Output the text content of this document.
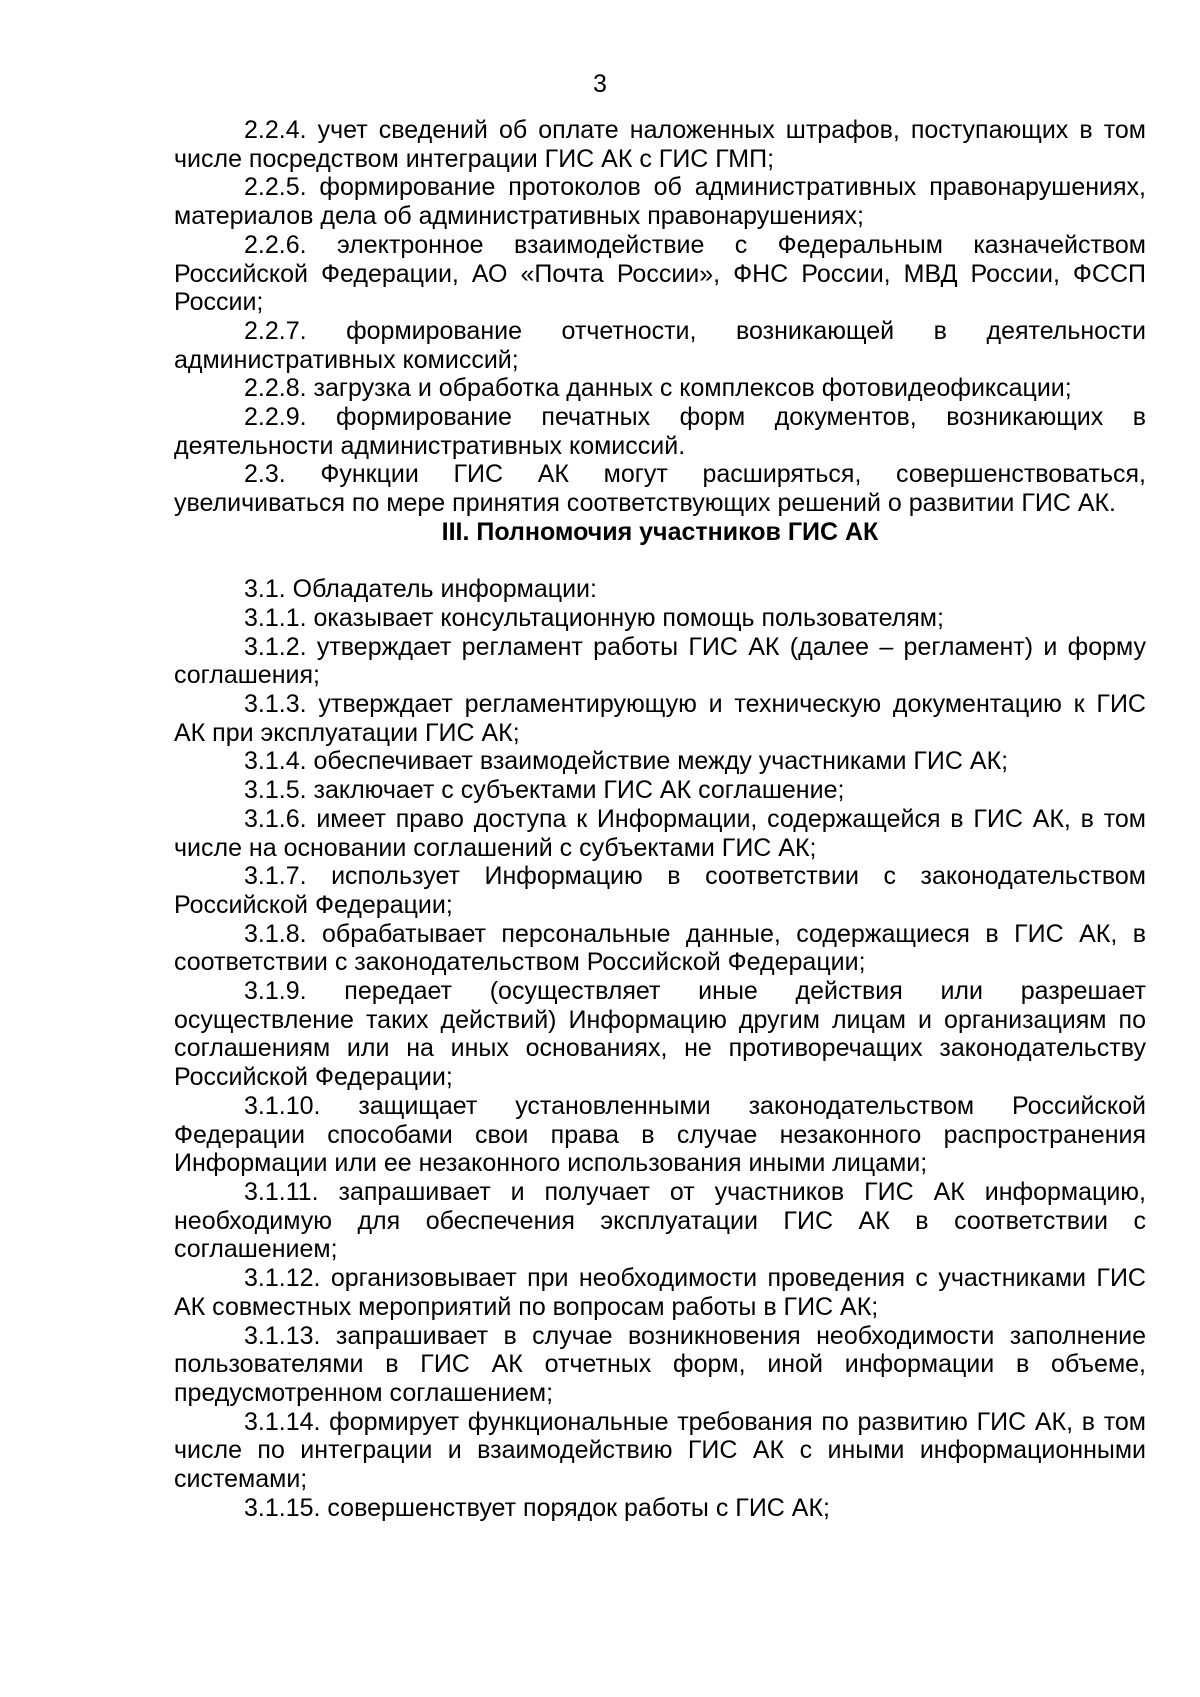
3

2.2.4. учет сведений об оплате наложенных штрафов, поступающих в том числе посредством интеграции ГИС АК с ГИС ГМП;

2.2.5. формирование протоколов об административных правонарушениях, материалов дела об административных правонарушениях;

2.2.6. электронное взаимодействие с Федеральным казначейством Российской Федерации, АО «Почта России», ФНС России, МВД России, ФССП России;

2.2.7. формирование отчетности, возникающей в деятельности административных комиссий;

2.2.8. загрузка и обработка данных с комплексов фотовидеофиксации;

2.2.9. формирование печатных форм документов, возникающих в деятельности административных комиссий.

2.3. Функции ГИС АК могут расширяться, совершенствоваться, увеличиваться по мере принятия соответствующих решений о развитии ГИС АК.

III. Полномочия участников ГИС АК

3.1. Обладатель информации:

3.1.1. оказывает консультационную помощь пользователям;

3.1.2. утверждает регламент работы ГИС АК (далее – регламент) и форму соглашения;

3.1.3. утверждает регламентирующую и техническую документацию к ГИС АК при эксплуатации ГИС АК;

3.1.4. обеспечивает взаимодействие между участниками ГИС АК;

3.1.5. заключает с субъектами ГИС АК соглашение;

3.1.6. имеет право доступа к Информации, содержащейся в ГИС АК, в том числе на основании соглашений с субъектами ГИС АК;

3.1.7. использует Информацию в соответствии с законодательством Российской Федерации;

3.1.8. обрабатывает персональные данные, содержащиеся в ГИС АК, в соответствии с законодательством Российской Федерации;

3.1.9. передает (осуществляет иные действия или разрешает осуществление таких действий) Информацию другим лицам и организациям по соглашениям или на иных основаниях, не противоречащих законодательству Российской Федерации;

3.1.10. защищает установленными законодательством Российской Федерации способами свои права в случае незаконного распространения Информации или ее незаконного использования иными лицами;

3.1.11. запрашивает и получает от участников ГИС АК информацию, необходимую для обеспечения эксплуатации ГИС АК в соответствии с соглашением;

3.1.12. организовывает при необходимости проведения с участниками ГИС АК совместных мероприятий по вопросам работы в ГИС АК;

3.1.13. запрашивает в случае возникновения необходимости заполнение пользователями в ГИС АК отчетных форм, иной информации в объеме, предусмотренном соглашением;

3.1.14. формирует функциональные требования по развитию ГИС АК, в том числе по интеграции и взаимодействию ГИС АК с иными информационными системами;

3.1.15. совершенствует порядок работы с ГИС АК;
